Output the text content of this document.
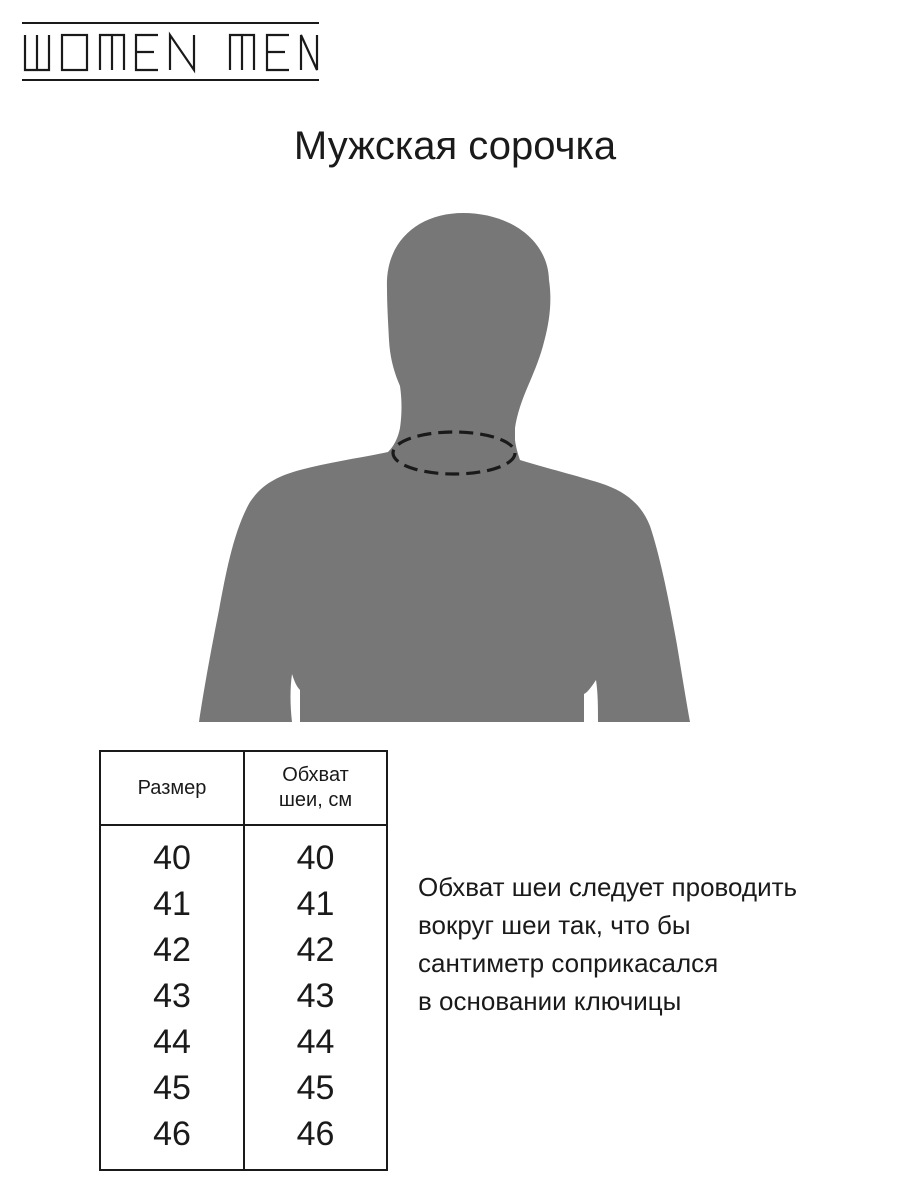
Мужская сорочка
Размер	Обхват
шеи, см
40	40
41	41
42	42
43	43
44	44
45	45
46	46
Обхват шеи следует проводить
вокруг шеи так, что бы
сантиметр соприкасался
в основании ключицы
